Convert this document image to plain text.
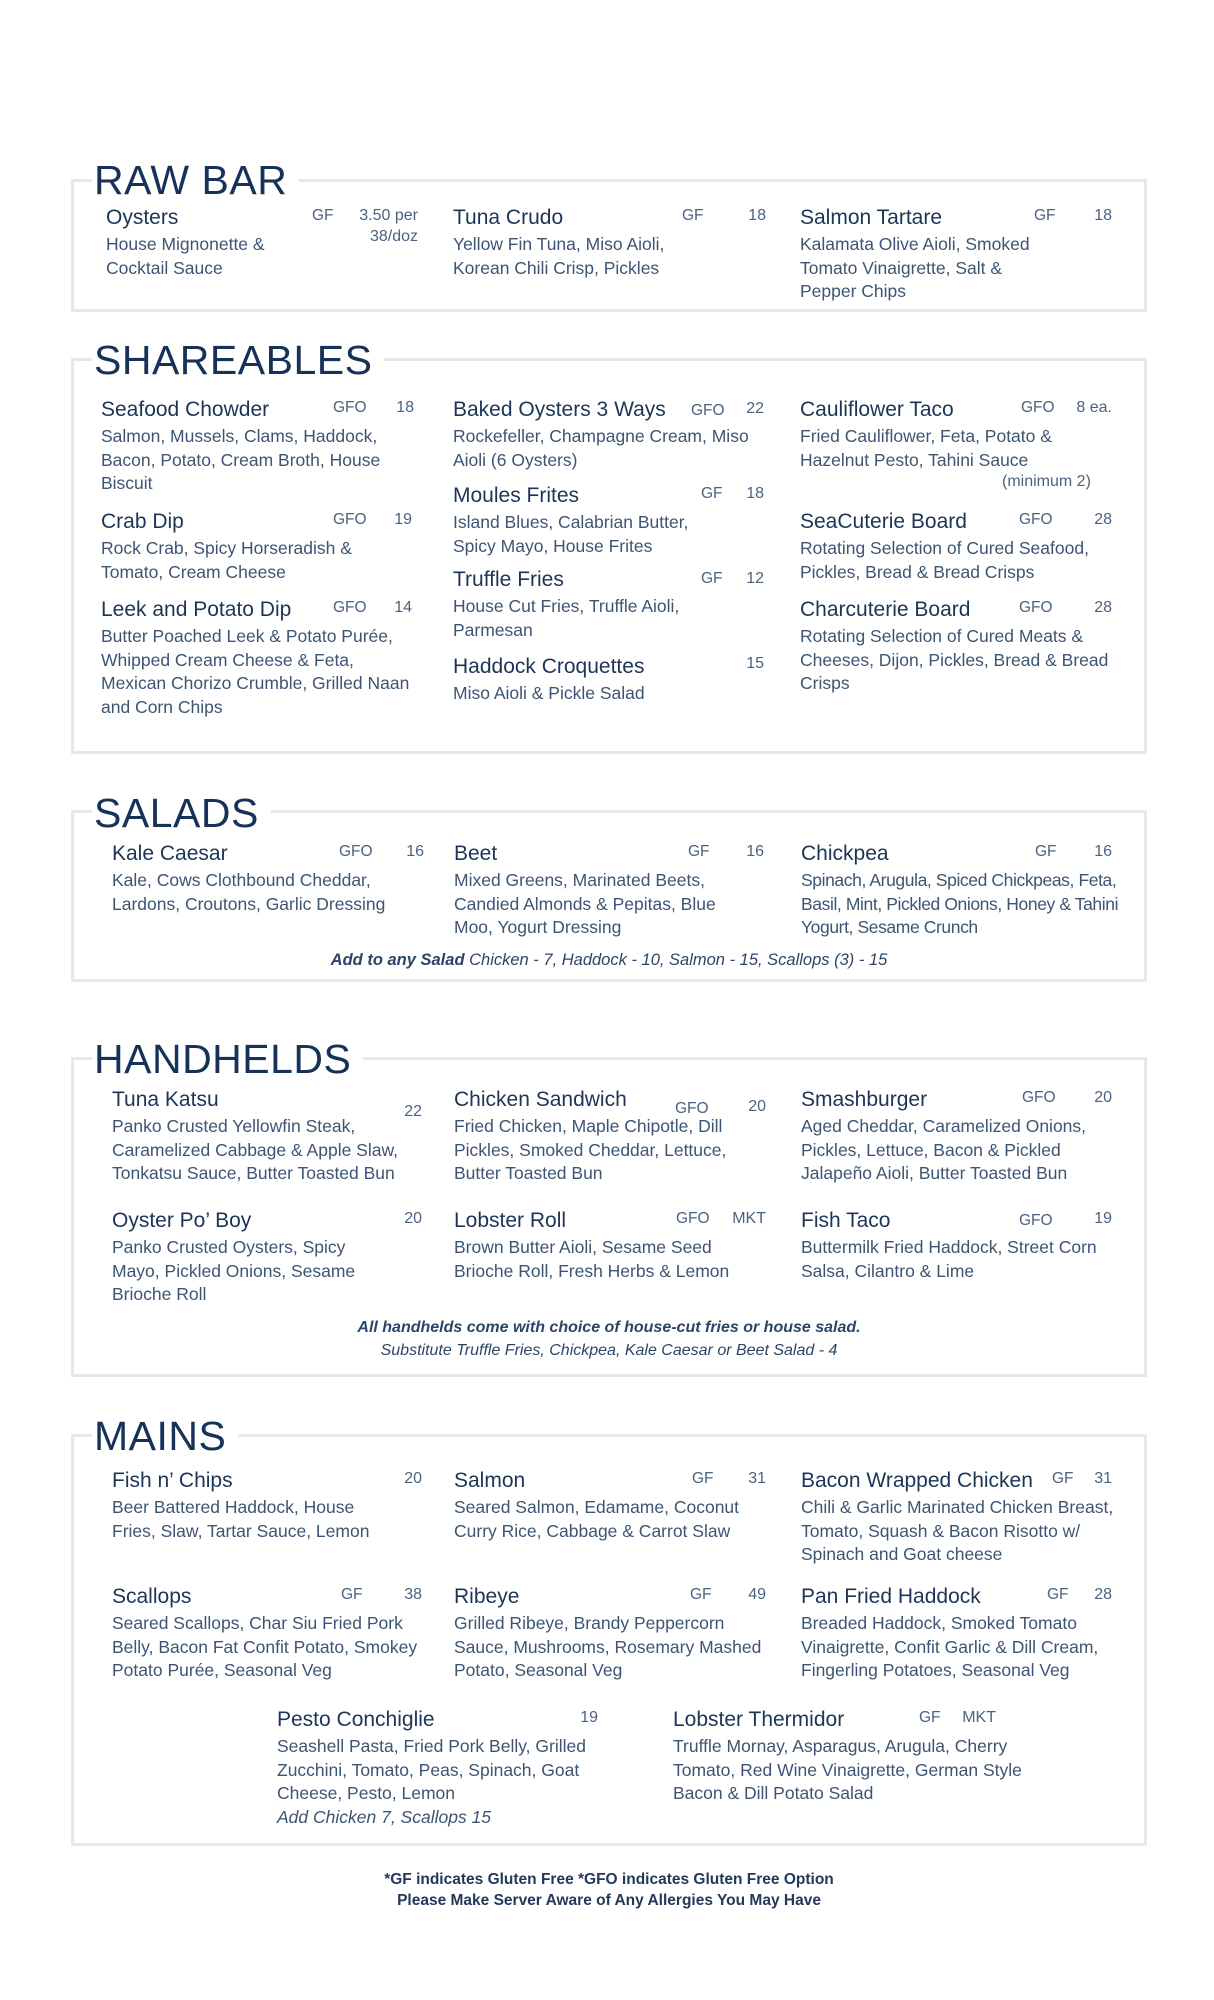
RAW BAR
Oysters
House Mignonette & Cocktail Sauce
GF	3.50 per
38/doz
Tuna Crudo
Yellow Fin Tuna, Miso Aioli, Korean Chili Crisp, Pickles
GF	18 Salmon Tartare
Kalamata Olive Aioli, Smoked Tomato Vinaigrette, Salt & Pepper Chips
GF	18
SHAREABLES
Seafood Chowder
Salmon, Mussels, Clams, Haddock, Bacon, Potato, Cream Broth, House Biscuit
GFO	18
Crab Dip
Rock Crab, Spicy Horseradish & Tomato, Cream Cheese
GFO	19
Leek and Potato Dip
Butter Poached Leek & Potato Purée, Whipped Cream Cheese & Feta, Mexican Chorizo Crumble, Grilled Naan and Corn Chips
GFO	14
Baked Oysters 3 Ways
Rockefeller, Champagne Cream, Miso Aioli (6 Oysters)
GFO	22
Moules Frites
Island Blues, Calabrian Butter, Spicy Mayo, House Frites
GF	18
Truffle Fries
House Cut Fries, Truffle Aioli, Parmesan
GF	12
Haddock Croquettes
Miso Aioli & Pickle Salad
15
Cauliflower Taco
Fried Cauliflower, Feta, Potato & Hazelnut Pesto, Tahini Sauce
GFO	8 ea.
(minimum 2)
SeaCuterie Board
Rotating Selection of Cured Seafood, Pickles, Bread & Bread Crisps
GFO	28
Charcuterie Board
Rotating Selection of Cured Meats & Cheeses, Dijon, Pickles, Bread & Bread Crisps
GFO	28
SALADS
Kale Caesar
Kale, Cows Clothbound Cheddar, Lardons, Croutons, Garlic Dressing
GFO	16 Beet
Mixed Greens, Marinated Beets, Candied Almonds & Pepitas, Blue Moo, Yogurt Dressing
GF	16 Chickpea
Spinach, Arugula, Spiced Chickpeas, Feta, Basil, Mint, Pickled Onions, Honey & Tahini Yogurt, Sesame Crunch
GF	16
Add to any Salad Chicken - 7, Haddock - 10, Salmon - 15, Scallops (3) - 15
HANDHELDS
Tuna Katsu
Panko Crusted Yellowfin Steak, Caramelized Cabbage & Apple Slaw, Tonkatsu Sauce, Butter Toasted Bun
22
Chicken Sandwich
Fried Chicken, Maple Chipotle, Dill Pickles, Smoked Cheddar, Lettuce, Butter Toasted Bun
GFO	20 Smashburger
Aged Cheddar, Caramelized Onions, Pickles, Lettuce, Bacon & Pickled Jalapeño Aioli, Butter Toasted Bun
GFO	20
Oyster Po’ Boy
Panko Crusted Oysters, Spicy Mayo, Pickled Onions, Sesame Brioche Roll
20 Lobster Roll
Brown Butter Aioli, Sesame Seed Brioche Roll, Fresh Herbs & Lemon
GFO	MKT Fish Taco
Buttermilk Fried Haddock, Street Corn Salsa, Cilantro & Lime
GFO	19
All handhelds come with choice of house-cut fries or house salad.
Substitute Truffle Fries, Chickpea, Kale Caesar or Beet Salad - 4
MAINS
Fish n’ Chips
Beer Battered Haddock, House Fries, Slaw, Tartar Sauce, Lemon
20 Salmon
Seared Salmon, Edamame, Coconut Curry Rice, Cabbage & Carrot Slaw
GF	31 Bacon Wrapped Chicken
Chili & Garlic Marinated Chicken Breast, Tomato, Squash & Bacon Risotto w/ Spinach and Goat cheese
GF	31
Scallops
Seared Scallops, Char Siu Fried Pork Belly, Bacon Fat Confit Potato, Smokey Potato Purée, Seasonal Veg
GF	38 Ribeye
Grilled Ribeye, Brandy Peppercorn Sauce, Mushrooms, Rosemary Mashed Potato, Seasonal Veg
GF	49 Pan Fried Haddock
Breaded Haddock, Smoked Tomato Vinaigrette, Confit Garlic & Dill Cream, Fingerling Potatoes, Seasonal Veg
GF	28
Pesto Conchiglie
Seashell Pasta, Fried Pork Belly, Grilled Zucchini, Tomato, Peas, Spinach, Goat Cheese, Pesto, Lemon
Add Chicken 7, Scallops 15
19	Lobster Thermidor
Truffle Mornay, Asparagus, Arugula, Cherry Tomato, Red Wine Vinaigrette, German Style Bacon & Dill Potato Salad
GF	MKT
*GF indicates Gluten Free *GFO indicates Gluten Free Option
Please Make Server Aware of Any Allergies You May Have
